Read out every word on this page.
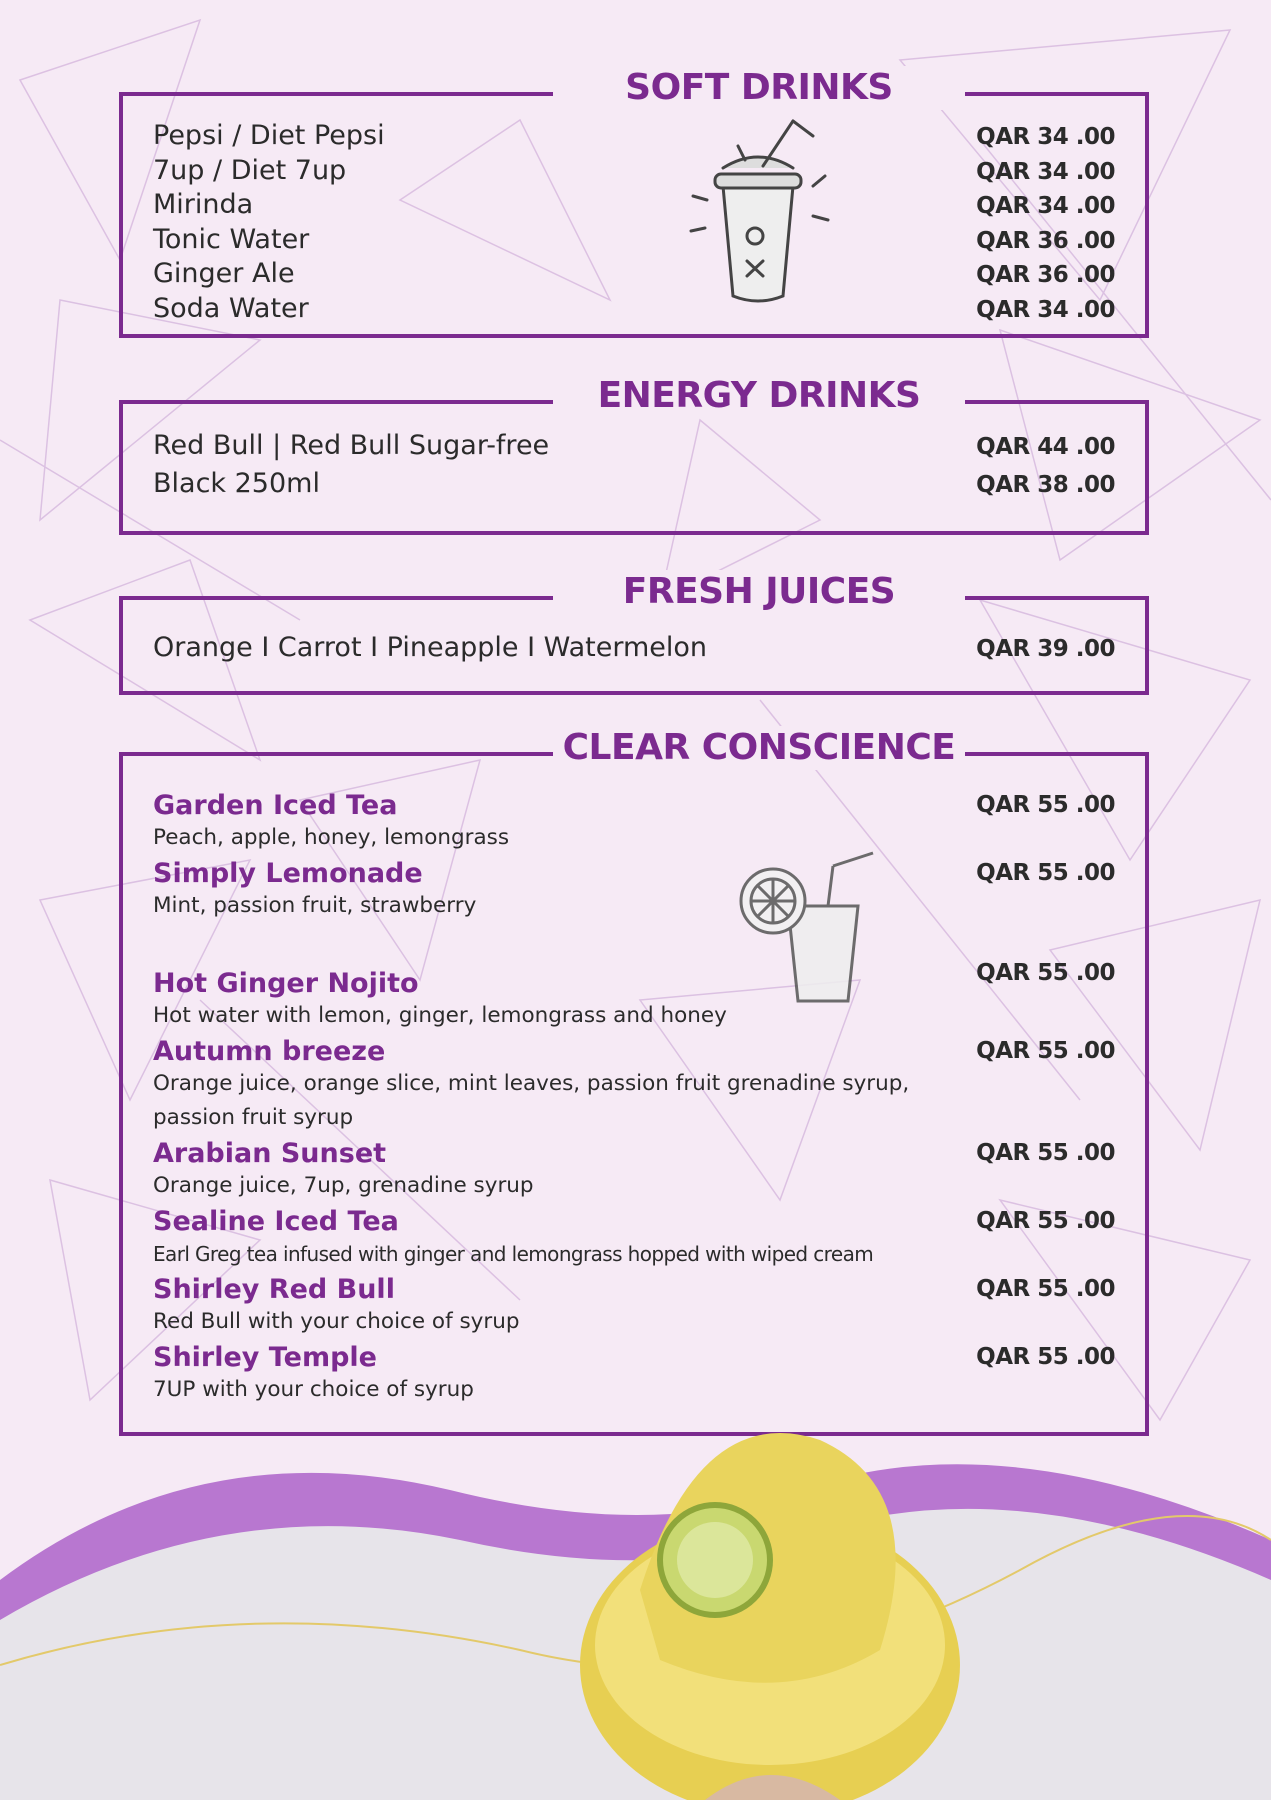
SOFT DRINKS
Pepsi / Diet Pepsi	QAR 34 .00
7up / Diet 7up	QAR 34 .00
Mirinda	QAR 34 .00
Tonic Water	QAR 36 .00
Ginger Ale	QAR 36 .00
Soda Water	QAR 34 .00
ENERGY DRINKS
Red Bull | Red Bull Sugar-free	QAR 44 .00
Black 250ml	QAR 38 .00
FRESH JUICES
Orange I Carrot I Pineapple I Watermelon	QAR 39 .00
CLEAR CONSCIENCE
Garden Iced Tea
Peach, apple, honey, lemongrass
QAR 55 .00
Simply Lemonade
Mint, passion fruit, strawberry
QAR 55 .00
Hot Ginger Nojito
Hot water with lemon, ginger, lemongrass and honey
QAR 55 .00
Autumn breeze
Orange juice, orange slice, mint leaves, passion fruit grenadine syrup, passion fruit syrup
QAR 55 .00
Arabian Sunset
Orange juice, 7up, grenadine syrup
QAR 55 .00
Sealine Iced Tea
Earl Greg tea infused with ginger and lemongrass hopped with wiped cream
QAR 55 .00
Shirley Red Bull
Red Bull with your choice of syrup
QAR 55 .00
Shirley Temple
7UP with your choice of syrup
QAR 55 .00
